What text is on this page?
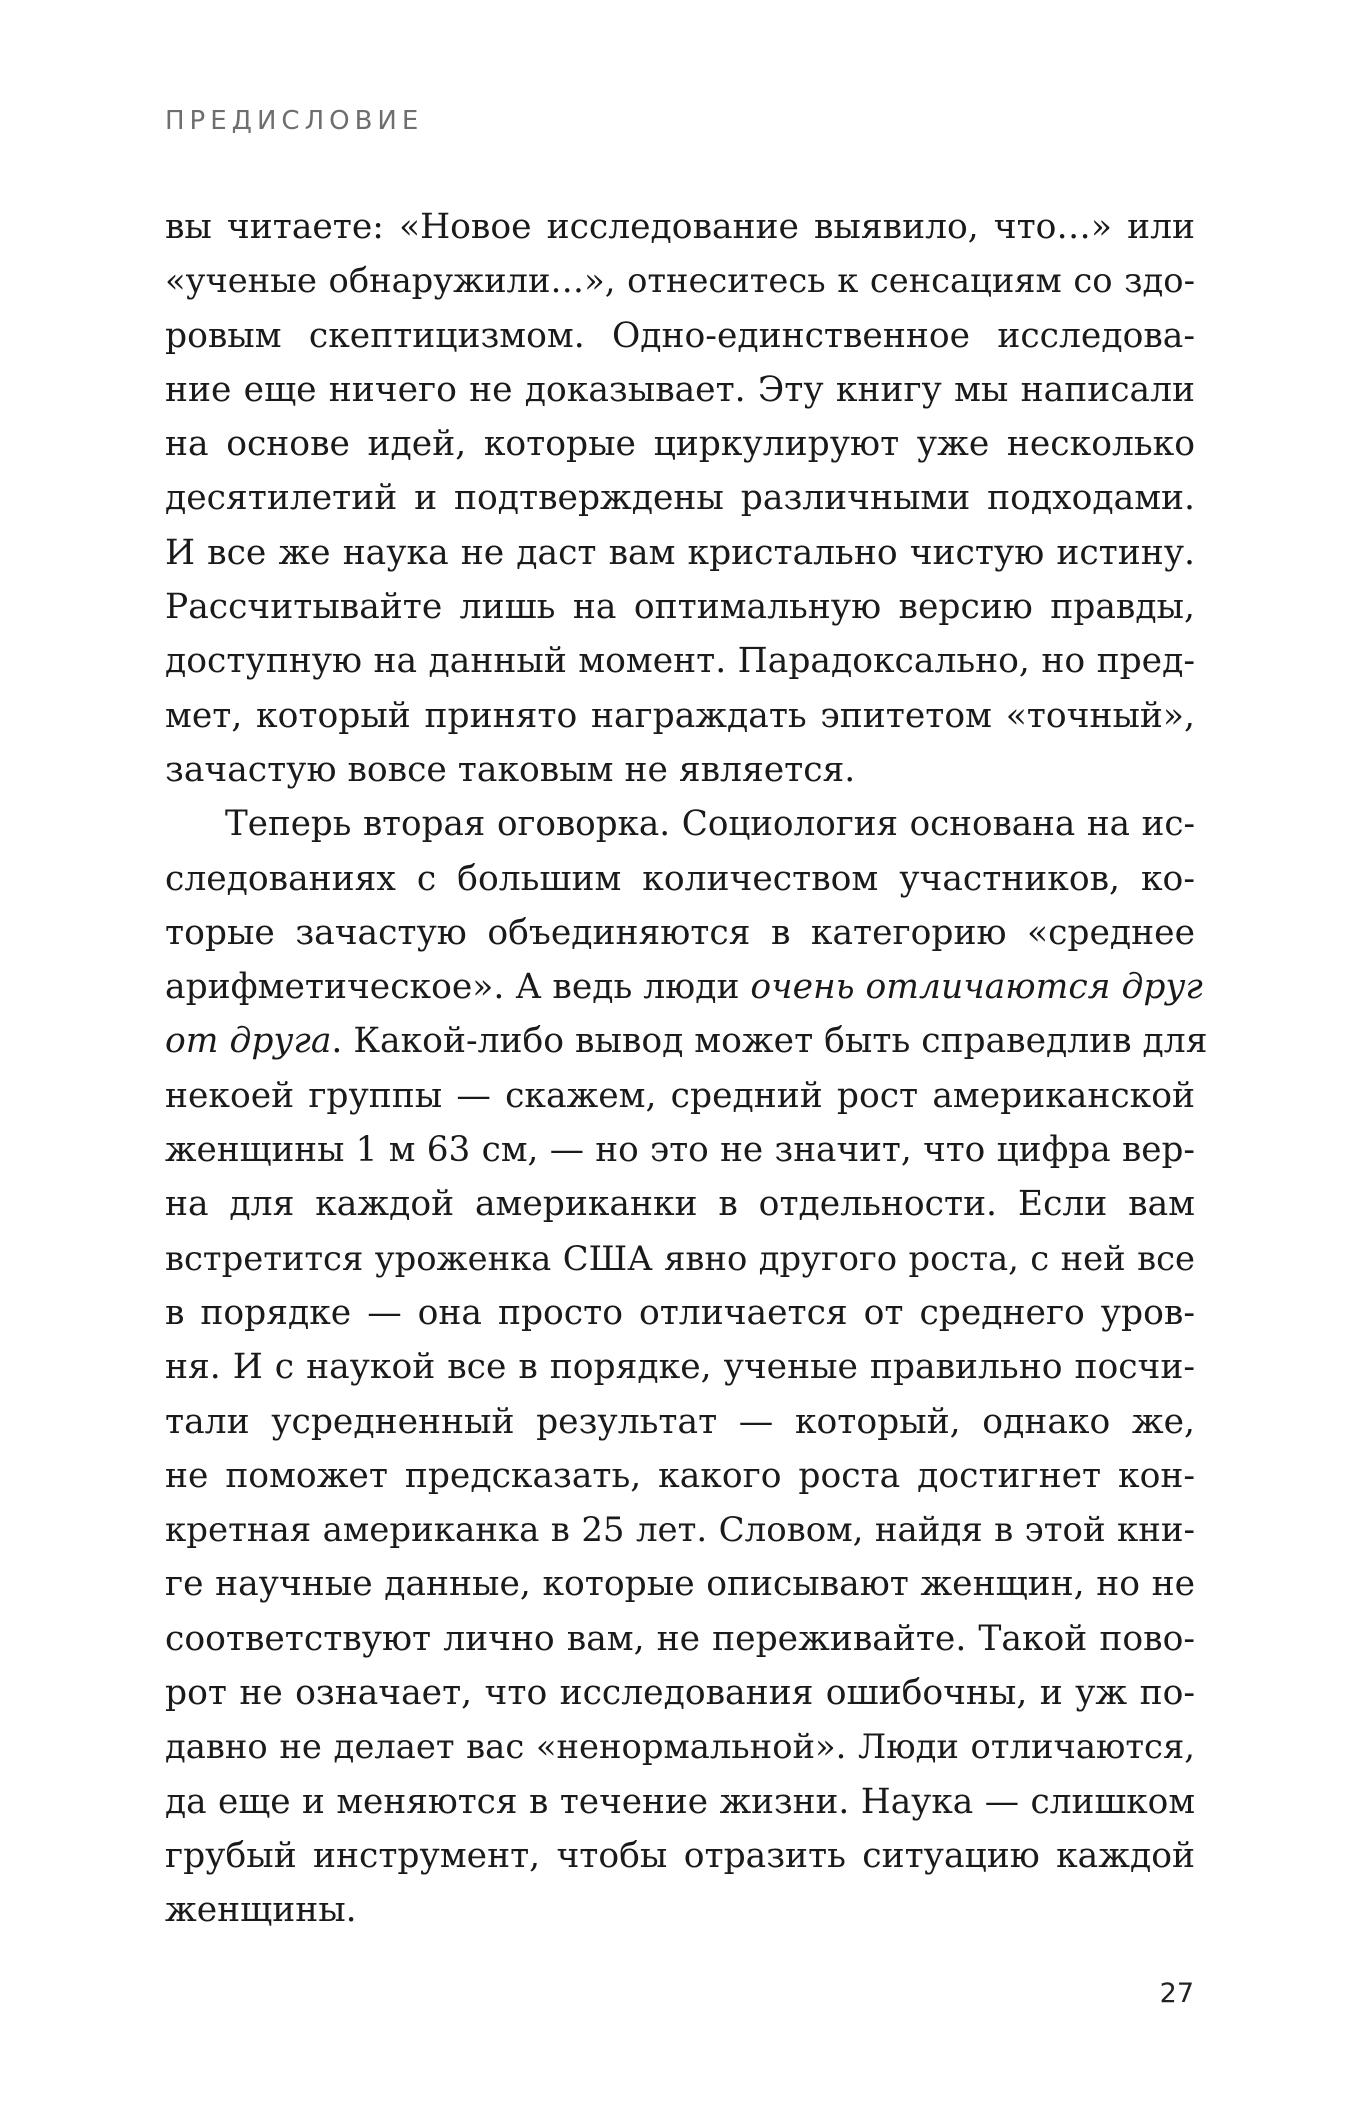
ПРЕДИСЛОВИЕ
вы читаете: «Новое исследование выявило, что…» или
«ученые обнаружили…», отнеситесь к сенсациям со здо-
ровым скептицизмом. Одно-единственное исследова-
ние еще ничего не доказывает. Эту книгу мы написали
на основе идей, которые циркулируют уже несколько
десятилетий и подтверждены различными подходами.
И все же наука не даст вам кристально чистую истину.
Рассчитывайте лишь на оптимальную версию правды,
доступную на данный момент. Парадоксально, но пред-
мет, который принято награждать эпитетом «точный»,
зачастую вовсе таковым не является.
Теперь вторая оговорка. Социология основана на ис-
следованиях с большим количеством участников, ко-
торые зачастую объединяются в категорию «среднее
арифметическое». А ведь люди очень отличаются друг
от друга. Какой-либо вывод может быть справедлив для
некоей группы — скажем, средний рост американской
женщины 1 м 63 см, — но это не значит, что цифра вер-
на для каждой американки в отдельности. Если вам
встретится уроженка США явно другого роста, с ней все
в порядке — она просто отличается от среднего уров-
ня. И с наукой все в порядке, ученые правильно посчи-
тали усредненный результат — который, однако же,
не поможет предсказать, какого роста достигнет кон-
кретная американка в 25 лет. Словом, найдя в этой кни-
ге научные данные, которые описывают женщин, но не
соответствуют лично вам, не переживайте. Такой пово-
рот не означает, что исследования ошибочны, и уж по-
давно не делает вас «ненормальной». Люди отличаются,
да еще и меняются в течение жизни. Наука — слишком
грубый инструмент, чтобы отразить ситуацию каждой
женщины.
27
